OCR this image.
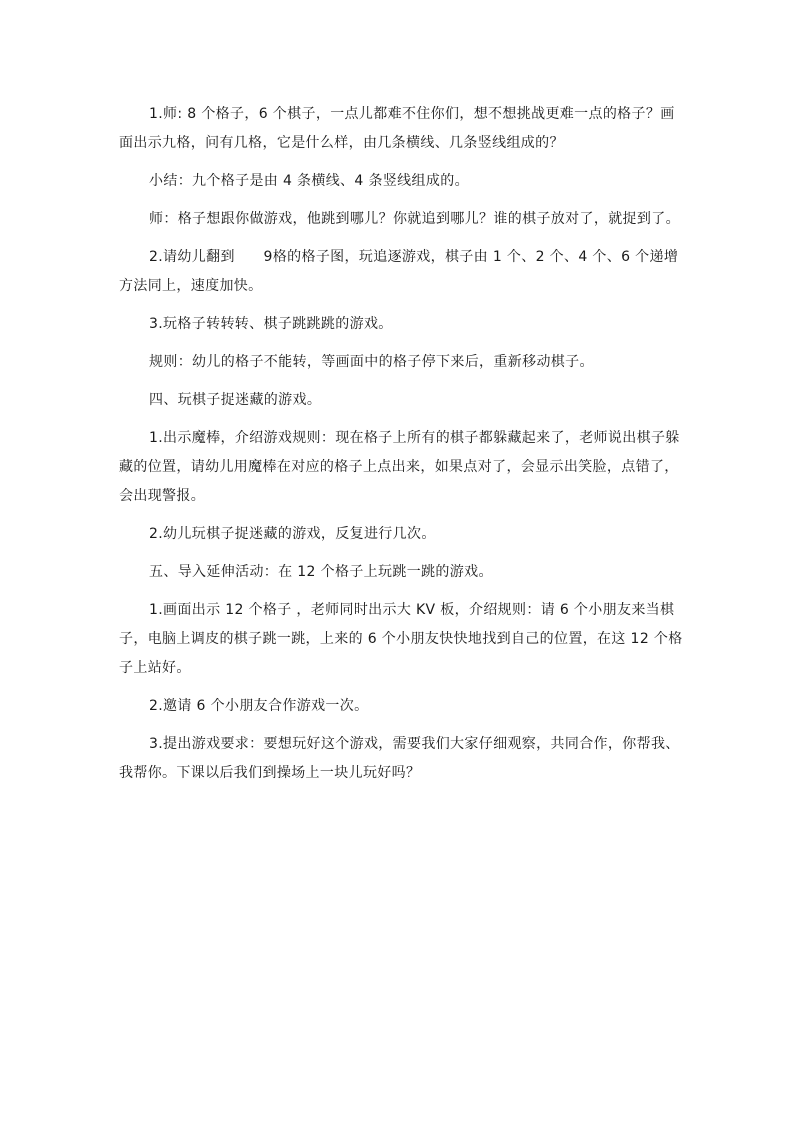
1.师: 8 个格子，6 个棋子，一点儿都难不住你们，想不想挑战更难一点的格子？画面出示九格，问有几格，它是什么样，由几条横线、几条竖线组成的？

小结：九个格子是由 4 条横线、4 条竖线组成的。

师：格子想跟你做游戏，他跳到哪儿？你就追到哪儿？谁的棋子放对了，就捉到了。

2.请幼儿翻到　　9格的格子图，玩追逐游戏，棋子由 1 个、2 个、4 个、6 个递增方法同上，速度加快。

3.玩格子转转转、棋子跳跳跳的游戏。

规则：幼儿的格子不能转，等画面中的格子停下来后，重新移动棋子。

四、玩棋子捉迷藏的游戏。

1.出示魔棒，介绍游戏规则：现在格子上所有的棋子都躲藏起来了，老师说出棋子躲藏的位置，请幼儿用魔棒在对应的格子上点出来，如果点对了，会显示出笑脸，点错了，会出现警报。

2.幼儿玩棋子捉迷藏的游戏，反复进行几次。

五、导入延伸活动：在 12 个格子上玩跳一跳的游戏。

1.画面出示 12 个格子 ，老师同时出示大 KV 板，介绍规则：请 6 个小朋友来当棋子，电脑上调皮的棋子跳一跳，上来的 6 个小朋友快快地找到自己的位置，在这 12 个格子上站好。

2.邀请 6 个小朋友合作游戏一次。

3.提出游戏要求：要想玩好这个游戏，需要我们大家仔细观察，共同合作，你帮我、我帮你。下课以后我们到操场上一块儿玩好吗？
